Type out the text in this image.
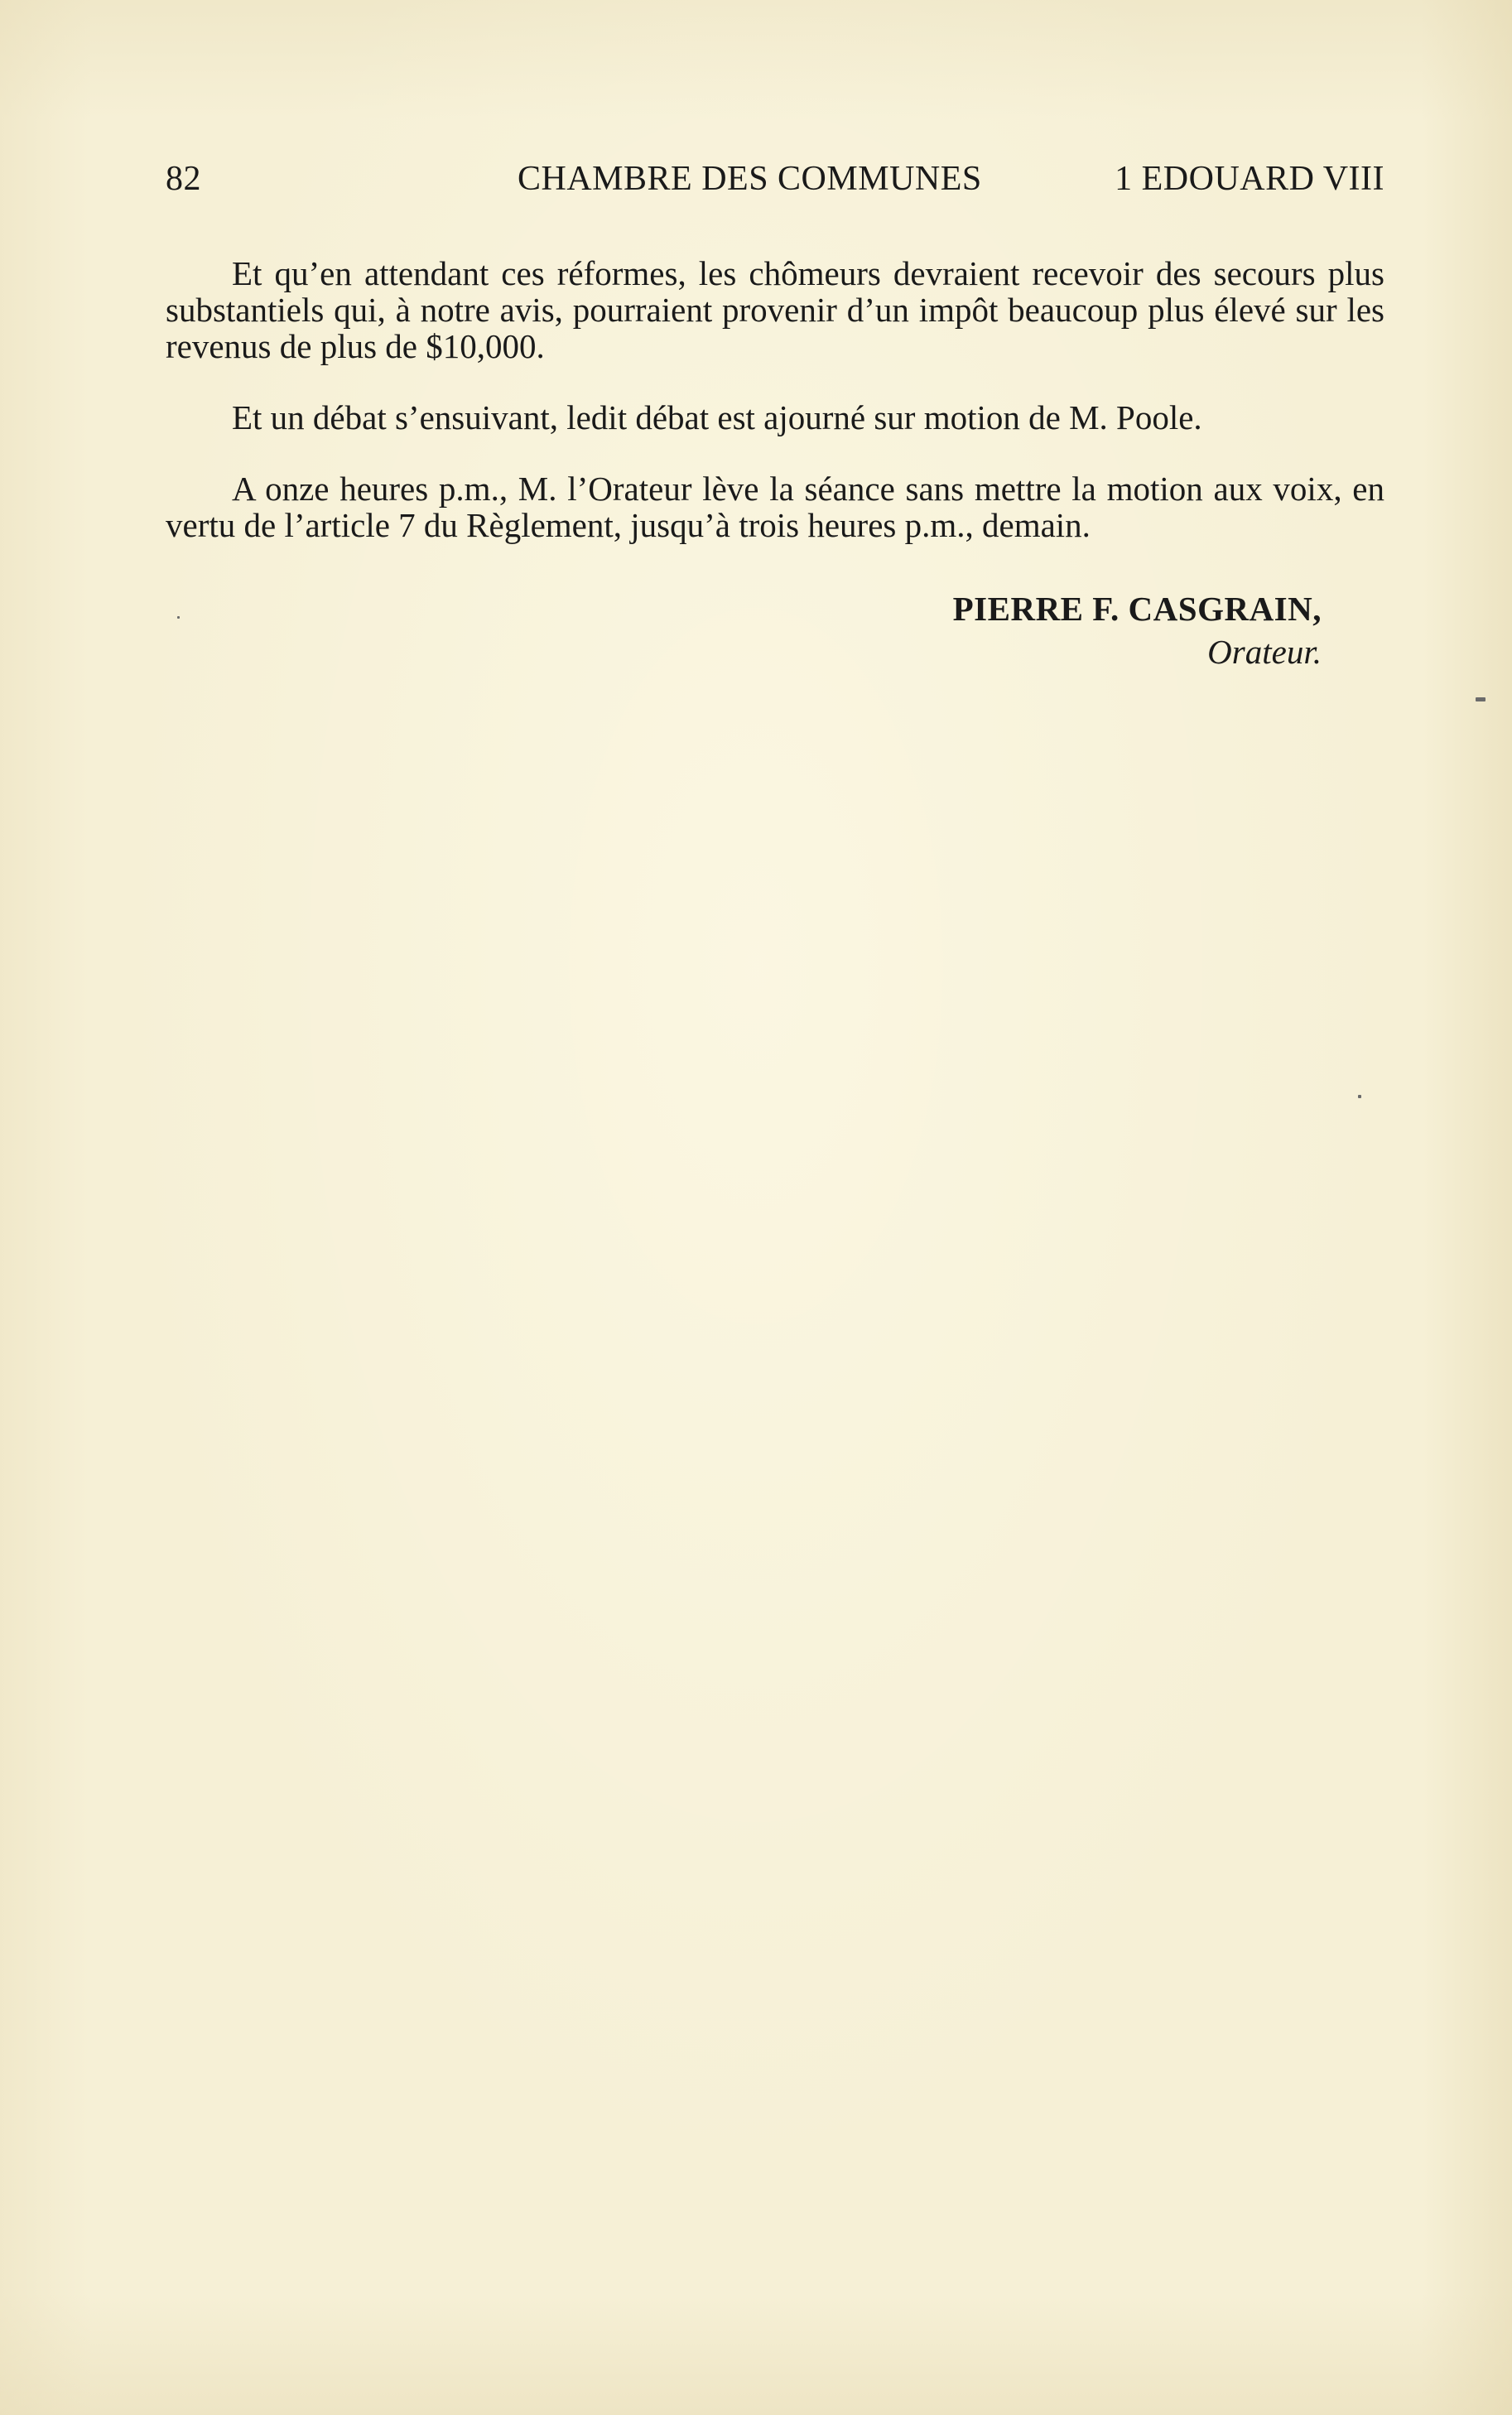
82	CHAMBRE DES COMMUNES	1 EDOUARD VIII

Et qu’en attendant ces réformes, les chômeurs devraient recevoir des secours plus substantiels qui, à notre avis, pourraient provenir d’un impôt beaucoup plus élevé sur les revenus de plus de $10,000.

Et un débat s’ensuivant, ledit débat est ajourné sur motion de M. Poole.

A onze heures p.m., M. l’Orateur lève la séance sans mettre la motion aux voix, en vertu de l’article 7 du Règlement, jusqu’à trois heures p.m., demain.

PIERRE F. CASGRAIN,
Orateur.
